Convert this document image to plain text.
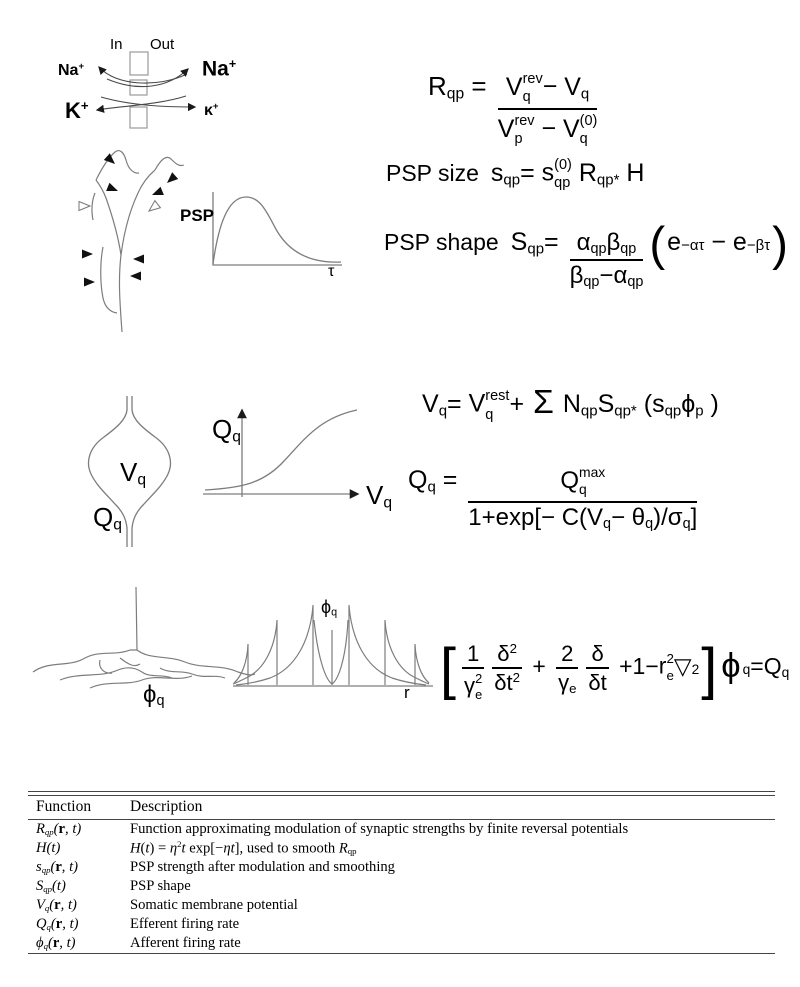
In Out
Na+	Na+
K+	κ+
PSP
τ
$V_q$
$Q_q$
$Q_q$
$V_q$
$\phi_q$
$\phi_q$
r
$R_{qp} = V$ rev
$q - V_q$
V rev
p − V (0)
q
PSP size $s_{qp} = s$ (0)
qp
$R_{qp*}$ H
PSP shape $S_{qp} = \frac{\alpha_{qp}\beta_{qp}}{\beta_{qp}-\alpha_{qp}}$ ( e −ατ − e −βτ )
$V_q = V$ rest
q + Σ
$N_{qp}$ $S_{qp*}$ ( $s_{qp}$ $\phi_p$ )
$Q_q = Q$ max
q
$1+\exp[- C(V_q- \theta_q)/\sigma_q]$
[ 1
γ 2
e $\frac{\delta^2}{\delta t^2} + \frac{2}{\gamma_e} \frac{\delta}{\delta t} +1- r$ 2
e ▽ 2 ] ϕ $q = Q_q$
Function	Description
$R_{qp}(r$, t)	Function approximating modulation of synaptic strengths by finite reversal potentials
H(t)	$H(t) = \eta^2t$ exp[−ηt], used to smooth $R_{qp}$
$s_{qp}(r$, t)	PSP strength after modulation and smoothing
$S_{qp}(t)$	PSP shape
$V_q(r$, t)	Somatic membrane potential
$Q_q(r$, t)	Efferent firing rate
$\phi_q(r$, t)	Afferent firing rate
